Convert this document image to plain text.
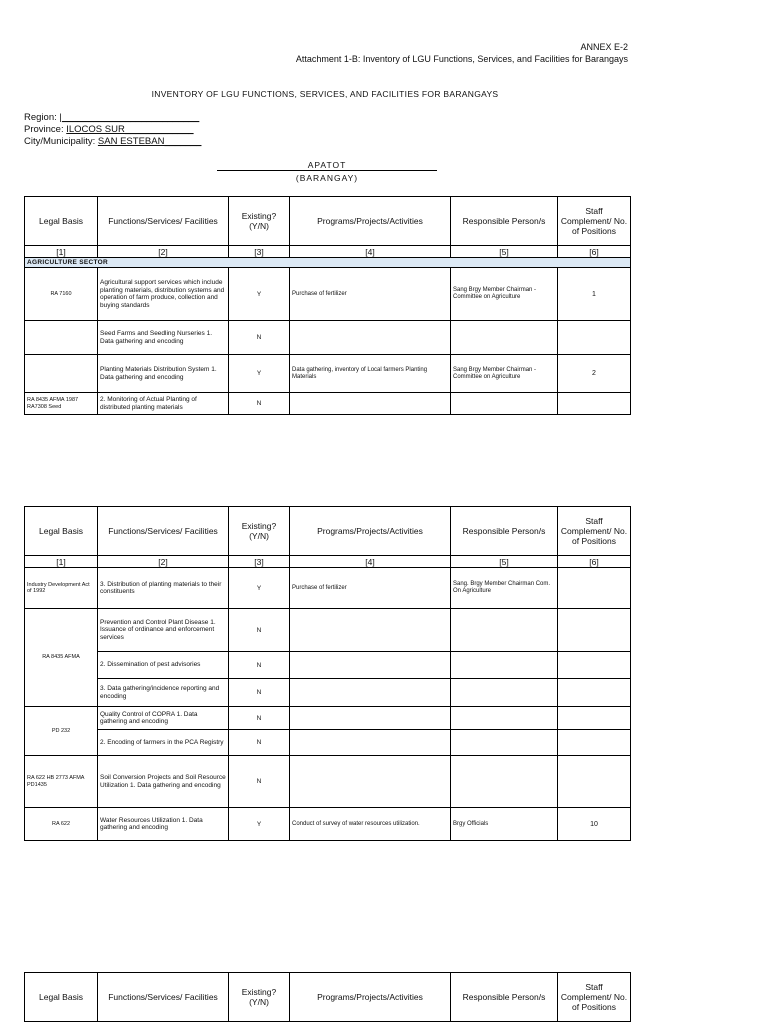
ANNEX E-2
Attachment 1-B: Inventory of LGU Functions, Services, and Facilities for Barangays
INVENTORY OF LGU FUNCTIONS, SERVICES, AND FACILITIES FOR BARANGAYS
Region: |__________________________
Province: ILOCOS SUR_____________
City/Municipality: SAN ESTEBAN_______
APATOT
(BARANGAY)
Legal Basis	Functions/Services/ Facilities	Existing? (Y/N)	Programs/Projects/Activities	Responsible Person/s	Staff Complement/ No. of Positions
[1]	[2]	[3]	[4]	[5]	[6]
AGRICULTURE SECTOR					
RA 7160	Agricultural support services which include planting materials, distribution systems and operation of farm produce, collection and buying standards	Y	Purchase of fertilizer	Sang Brgy Member Chairman - Committee on Agriculture	1
	Seed Farms and Seedling Nurseries 1. Data gathering and encoding	N			
	Planting Materials Distribution System 1. Data gathering and encoding	Y	Data gathering, inventory of Local farmers Planting Materials	Sang Brgy Member Chairman - Committee on Agriculture	2
RA 8435 AFMA 1987 RA7308 Seed	2. Monitoring of Actual Planting of distributed planting materials	N			
Legal Basis	Functions/Services/ Facilities	Existing? (Y/N)	Programs/Projects/Activities	Responsible Person/s	Staff Complement/ No. of Positions
[1]	[2]	[3]	[4]	[5]	[6]
Industry Development Act of 1992	3. Distribution of planting materials to their constituents	Y	Purchase of fertilizer	Sang. Brgy Member Chairman Com. On Agriculture	
RA 8435 AFMA	Prevention and Control Plant Disease 1. Issuance of ordinance and enforcement services	N			
	2. Dissemination of pest advisories	N			
	3. Data gathering/incidence reporting and encoding	N			
PD 232	Quality Control of COPRA 1. Data gathering and encoding	N			
	2. Encoding of farmers in the PCA Registry	N			
RA 622 HB 2773 AFMA PD1435	Soil Conversion Projects and Soil Resource Utilization 1. Data gathering and encoding	N			
RA 622	Water Resources Utilization 1. Data gathering and encoding	Y	Conduct of survey of water resources utilization.	Brgy Officials	10
Legal Basis	Functions/Services/ Facilities	Existing? (Y/N)	Programs/Projects/Activities	Responsible Person/s	Staff Complement/ No. of Positions
